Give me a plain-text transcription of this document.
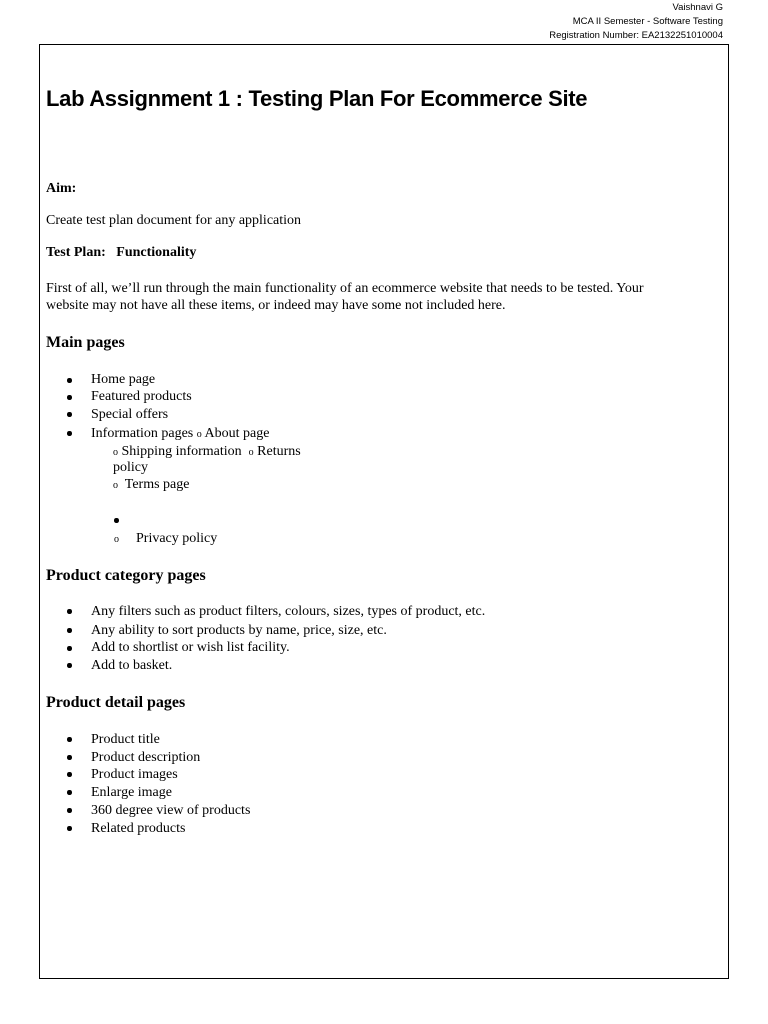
Vaishnavi G
MCA II Semester - Software Testing
Registration Number: EA2132251010004
Lab Assignment 1 : Testing Plan For Ecommerce Site
Aim:
Create test plan document for any application
Test Plan: Functionality
First of all, we’ll run through the main functionality of an ecommerce website that needs to be tested. Your
website may not have all these items, or indeed may have some not included here.
Main pages
Home page
Featured products
Special offers
Information pages o About page
o Shipping information o Returns
policy
o Terms page
o Privacy policy
Product category pages
Any filters such as product filters, colours, sizes, types of product, etc.
Any ability to sort products by name, price, size, etc.
Add to shortlist or wish list facility.
Add to basket.
Product detail pages
Product title
Product description
Product images
Enlarge image
360 degree view of products
Related products
